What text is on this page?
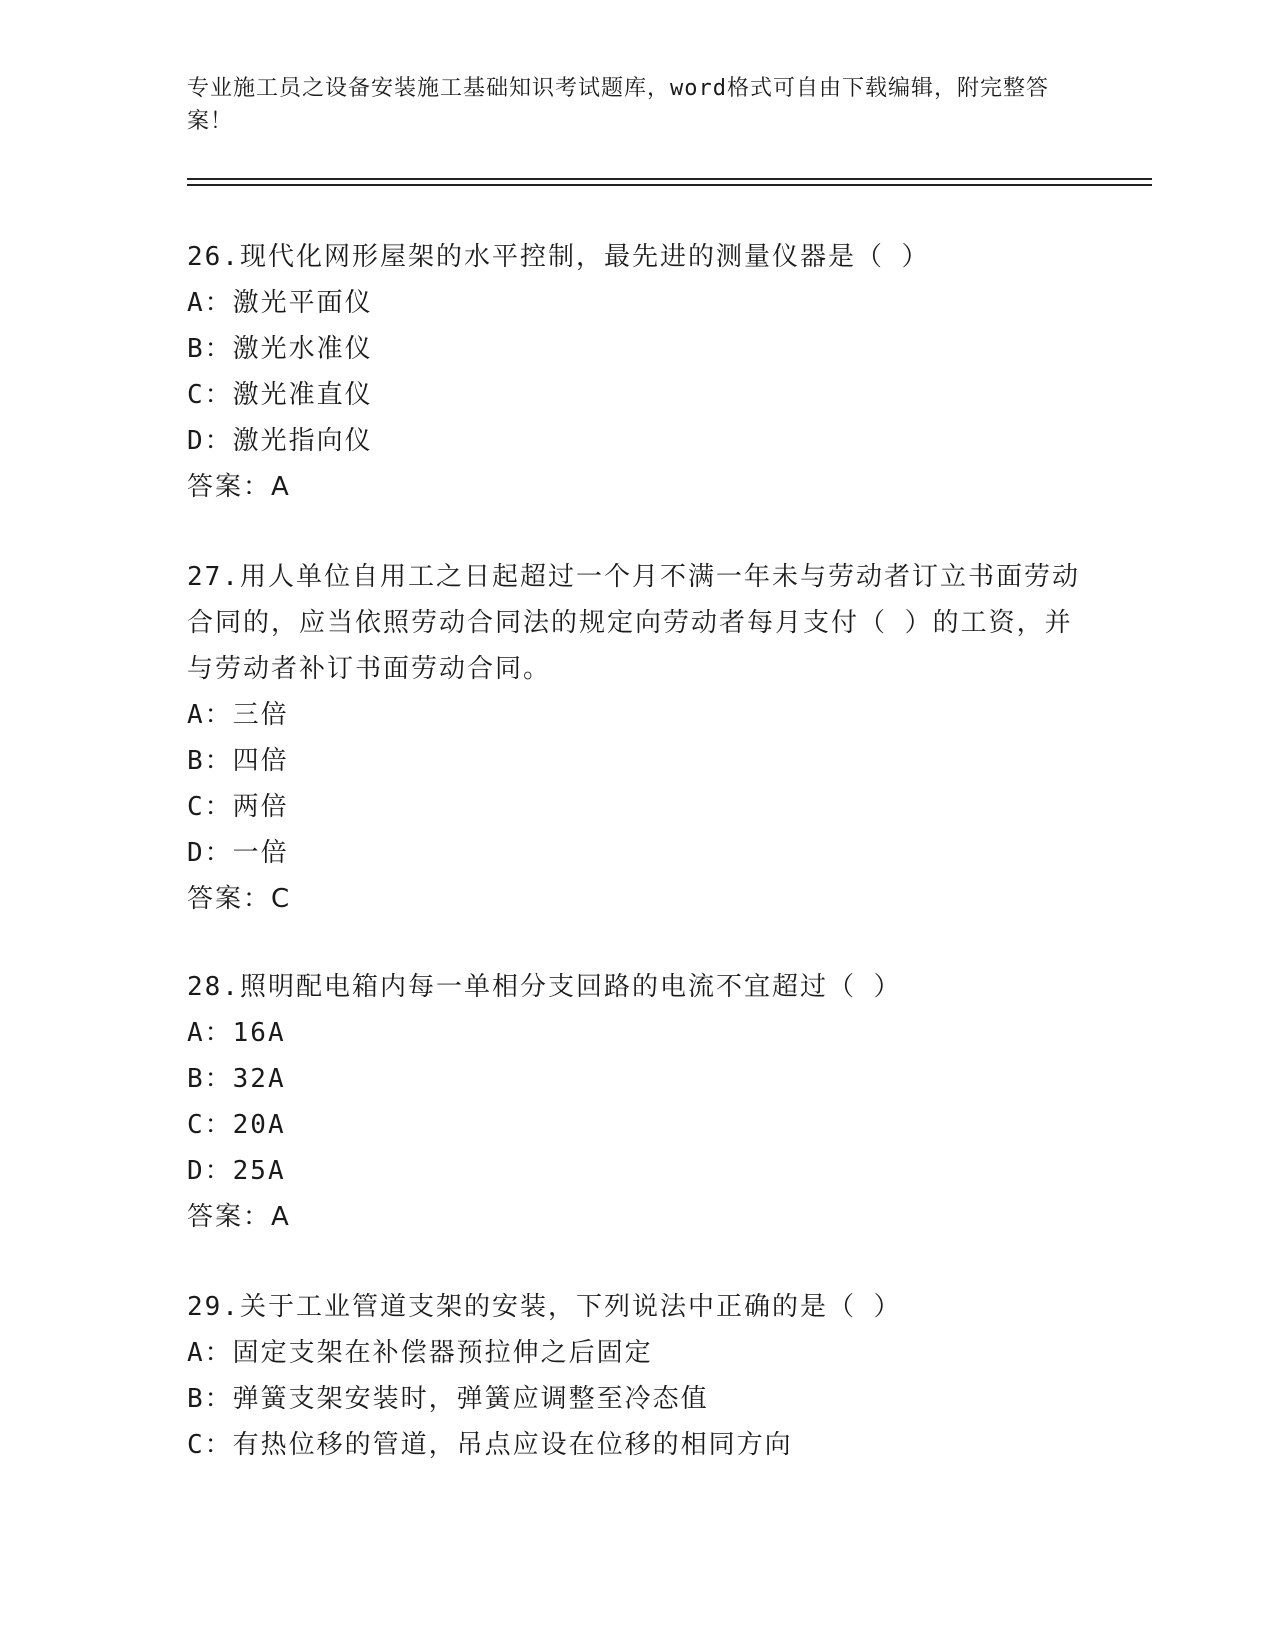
专业施工员之设备安装施工基础知识考试题库，word格式可自由下载编辑，附完整答案！

26.现代化网形屋架的水平控制，最先进的测量仪器是（ ）

A：激光平面仪

B：激光水准仪

C：激光准直仪

D：激光指向仪

答案：A

27.用人单位自用工之日起超过一个月不满一年未与劳动者订立书面劳动合同的，应当依照劳动合同法的规定向劳动者每月支付（ ）的工资，并与劳动者补订书面劳动合同。

A：三倍

B：四倍

C：两倍

D：一倍

答案：C

28.照明配电箱内每一单相分支回路的电流不宜超过（ ）

A：16A

B：32A

C：20A

D：25A

答案：A

29.关于工业管道支架的安装，下列说法中正确的是（ ）

A：固定支架在补偿器预拉伸之后固定

B：弹簧支架安装时，弹簧应调整至冷态值

C：有热位移的管道，吊点应设在位移的相同方向
